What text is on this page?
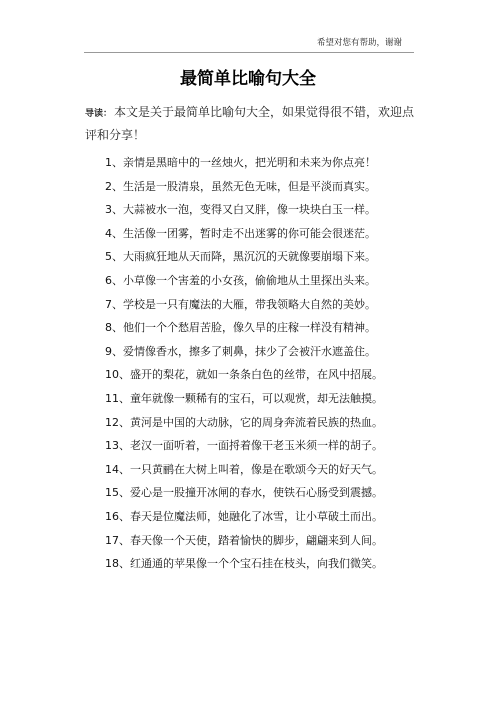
希望对您有帮助，谢谢
最简单比喻句大全
导读： 本文是关于最简单比喻句大全，如果觉得很不错，欢迎点评和分享！
1、亲情是黑暗中的一丝烛火，把光明和未来为你点亮！
2、生活是一股清泉，虽然无色无味，但是平淡而真实。
3、大蒜被水一泡，变得又白又胖，像一块块白玉一样。
4、生活像一团雾，暂时走不出迷雾的你可能会很迷茫。
5、大雨疯狂地从天而降，黑沉沉的天就像要崩塌下来。
6、小草像一个害羞的小女孩，偷偷地从土里探出头来。
7、学校是一只有魔法的大雁，带我领略大自然的美妙。
8、他们一个个愁眉苦脸，像久旱的庄稼一样没有精神。
9、爱情像香水，擦多了刺鼻，抹少了会被汗水遮盖住。
10、盛开的梨花，就如一条条白色的丝带，在风中招展。
11、童年就像一颗稀有的宝石，可以观赏，却无法触摸。
12、黄河是中国的大动脉，它的周身奔流着民族的热血。
13、老汉一面听着，一面捋着像干老玉米须一样的胡子。
14、一只黄鹂在大树上叫着，像是在歌颂今天的好天气。
15、爱心是一股撞开冰闸的春水，使铁石心肠受到震撼。
16、春天是位魔法师，她融化了冰雪，让小草破土而出。
17、春天像一个天使，踏着愉快的脚步，翩翩来到人间。
18、红通通的苹果像一个个宝石挂在枝头，向我们微笑。
